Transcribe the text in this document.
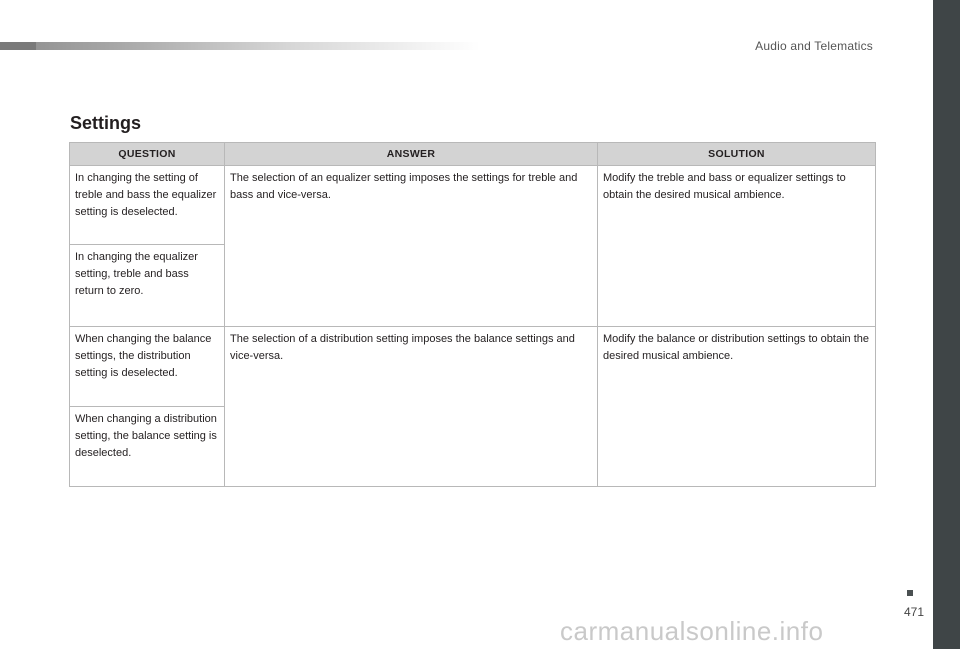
Audio and Telematics
Settings
QUESTION	ANSWER	SOLUTION
In changing the setting of treble and bass the equalizer setting is deselected.	The selection of an equalizer setting imposes the settings for treble and bass and vice-versa.	Modify the treble and bass or equalizer settings to obtain the desired musical ambience.
In changing the equalizer setting, treble and bass return to zero.		
When changing the balance settings, the distribution setting is deselected.	The selection of a distribution setting imposes the balance settings and vice-versa.	Modify the balance or distribution settings to obtain the desired musical ambience.
When changing a distribution setting, the balance setting is deselected.		
471
carmanualsonline.info
